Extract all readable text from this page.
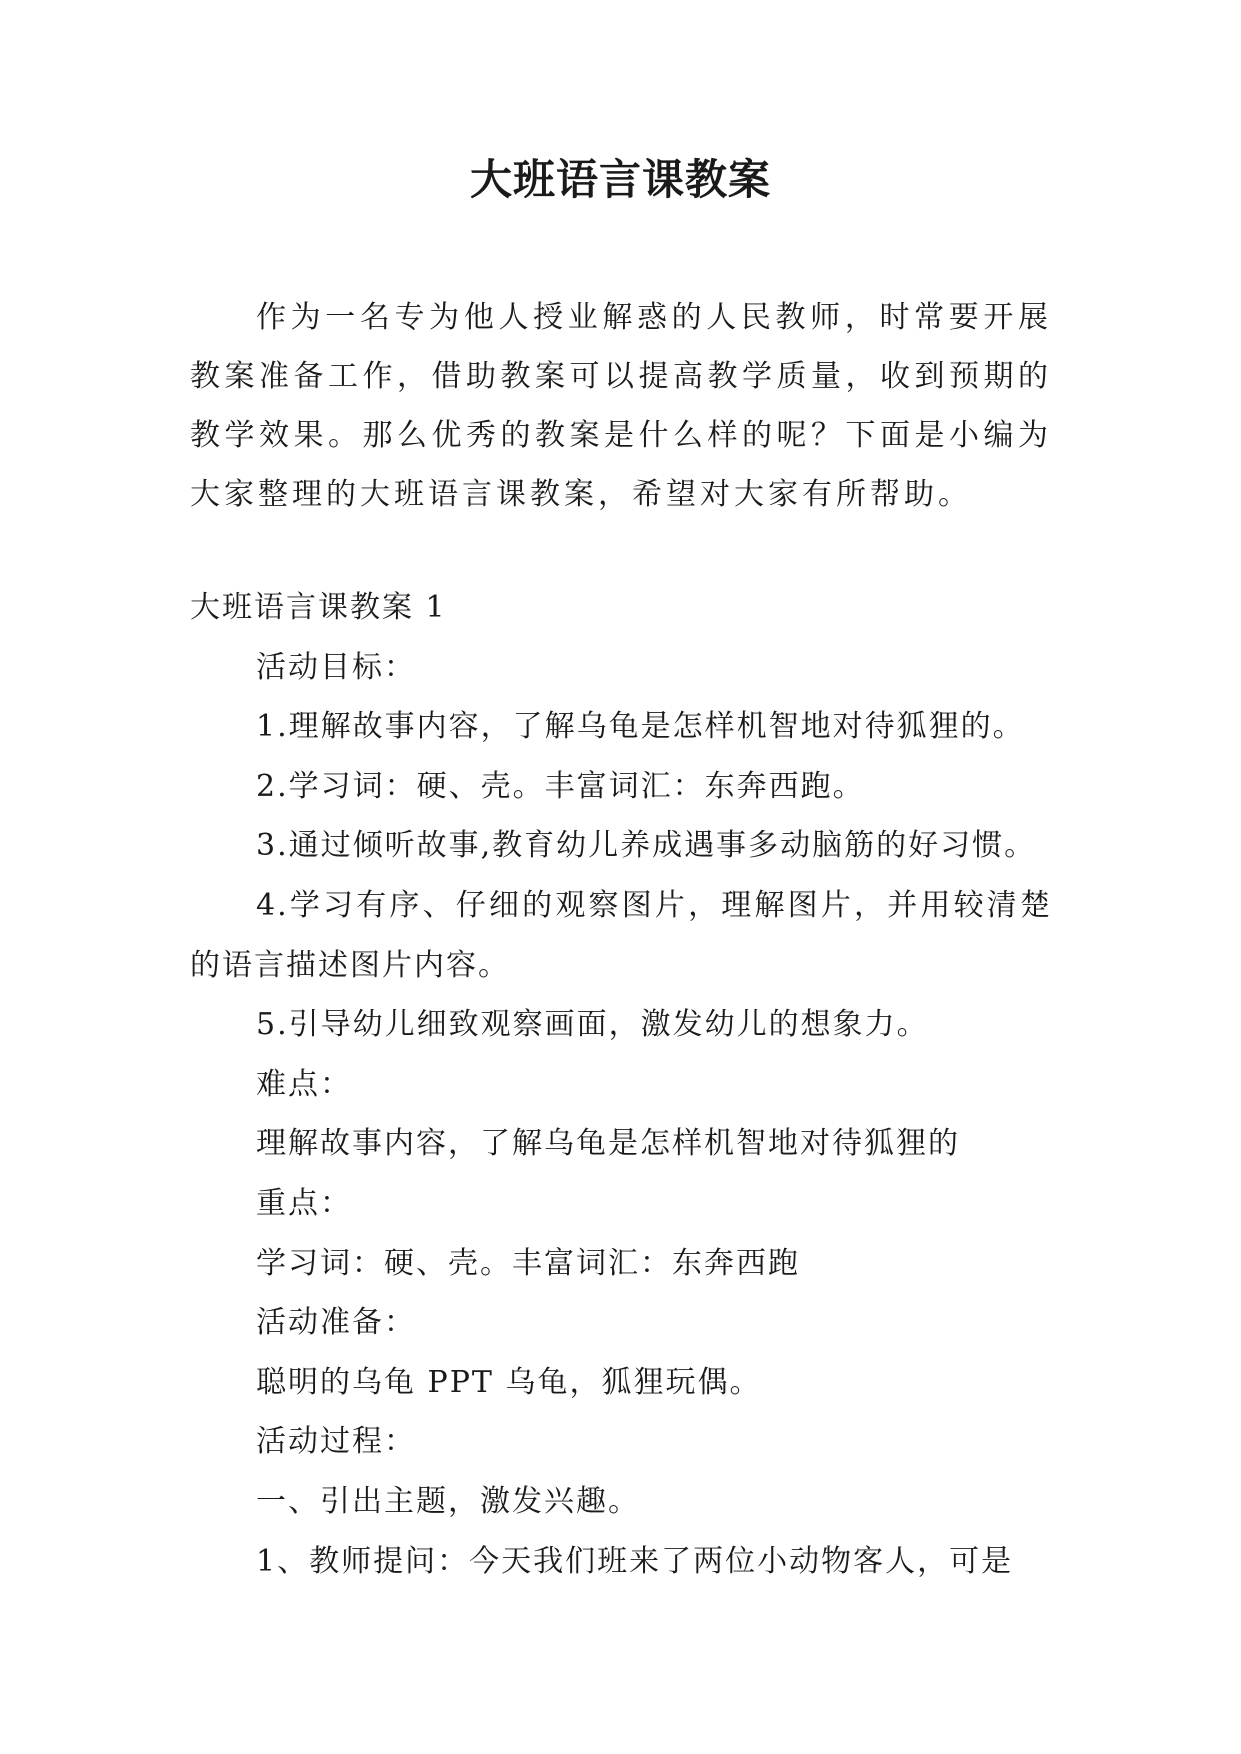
大班语言课教案

作为一名专为他人授业解惑的人民教师，时常要开展教案准备工作，借助教案可以提高教学质量，收到预期的教学效果。那么优秀的教案是什么样的呢？下面是小编为大家整理的大班语言课教案，希望对大家有所帮助。

大班语言课教案 1
活动目标：
1.理解故事内容，了解乌龟是怎样机智地对待狐狸的。
2.学习词：硬、壳。丰富词汇：东奔西跑。
3.通过倾听故事,教育幼儿养成遇事多动脑筋的好习惯。
4.学习有序、仔细的观察图片，理解图片，并用较清楚的语言描述图片内容。
5.引导幼儿细致观察画面，激发幼儿的想象力。
难点：
理解故事内容，了解乌龟是怎样机智地对待狐狸的
重点：
学习词：硬、壳。丰富词汇：东奔西跑
活动准备：
聪明的乌龟 PPT 乌龟，狐狸玩偶。
活动过程：
一、引出主题，激发兴趣。
1、教师提问：今天我们班来了两位小动物客人，可是
